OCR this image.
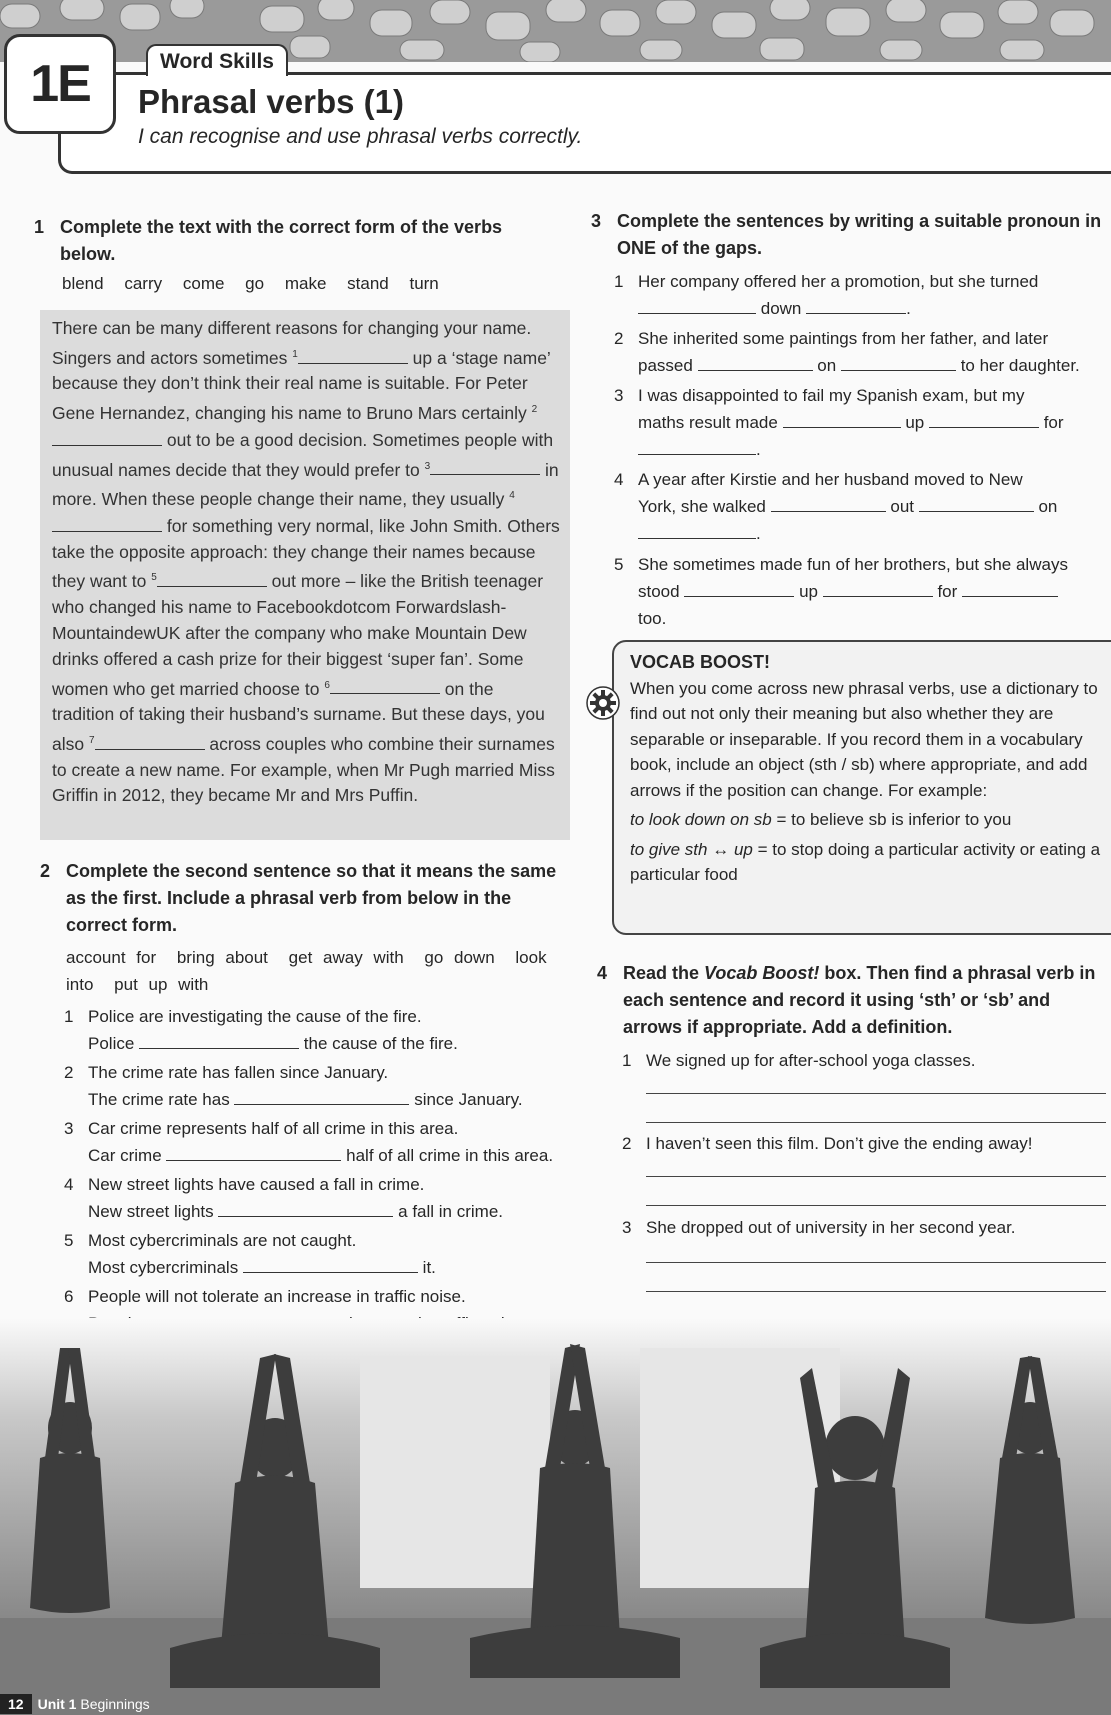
1E	Word Skills
Phrasal verbs (1)
I can recognise and use phrasal verbs correctly.
1 Complete the text with the correct form of the verbs below.
blend carry come go make stand turn
There can be many different reasons for changing your name. Singers and actors sometimes $^1$	up a ‘stage name’ because they don’t think their real name is suitable. For Peter Gene Hernandez, changing his name to Bruno Mars certainly $^2$ out to be a good decision. Sometimes people with unusual names decide that they would prefer to $^3$	in more. When these people change their name, they usually $^4$ for something very normal, like John Smith. Others take the opposite approach: they change their names because they want to $^5$	out more – like the British teenager who changed his name to Facebookdotcom Forwardslash-MountaindewUK after the company who make Mountain Dew drinks offered a cash prize for their biggest ‘super fan’. Some women who get married choose to $^6$	on the tradition of taking their husband’s surname. But these days, you also $^7$	across couples who combine their surnames to create a new name. For example, when Mr Pugh married Miss Griffin in 2012, they became Mr and Mrs Puffin.
2 Complete the second sentence so that it means the same as the first. Include a phrasal verb from below in the correct form.
account for bring about get away with go down look into put up with
1 Police are investigating the cause of the fire.
Police	the cause of the fire.
2 The crime rate has fallen since January.
The crime rate has	since January.
3 Car crime represents half of all crime in this area.
Car crime	half of all crime in this area.
4 New street lights have caused a fall in crime.
New street lights	a fall in crime.
5 Most cybercriminals are not caught.
Most cybercriminals	it.
6 People will not tolerate an increase in traffic noise.
3 Complete the sentences by writing a suitable pronoun in ONE of the gaps.
1 Her company offered her a promotion, but she turned
down	.
2 She inherited some paintings from her father, and later
passed	on	to her daughter.
3 I was disappointed to fail my Spanish exam, but my
maths result made	up	for
.
4 A year after Kirstie and her husband moved to New
York, she walked	out	on
.
5 She sometimes made fun of her brothers, but she always
stood	up	for
too.
VOCAB BOOST!
When you come across new phrasal verbs, use a dictionary to find out not only their meaning but also whether they are separable or inseparable. If you record them in a vocabulary book, include an object (sth / sb) where appropriate, and add arrows if the position can change. For example:
to look down on sb = to believe sb is inferior to you
to give sth ↔ up = to stop doing a particular activity or eating a particular food
4 Read the Vocab Boost! box. Then find a phrasal verb in each sentence and record it using ‘sth’ or ‘sb’ and arrows if appropriate. Add a definition.
1 We signed up for after-school yoga classes.
2 I haven’t seen this film. Don’t give the ending away!
3 She dropped out of university in her second year.
12 Unit 1 Beginnings
